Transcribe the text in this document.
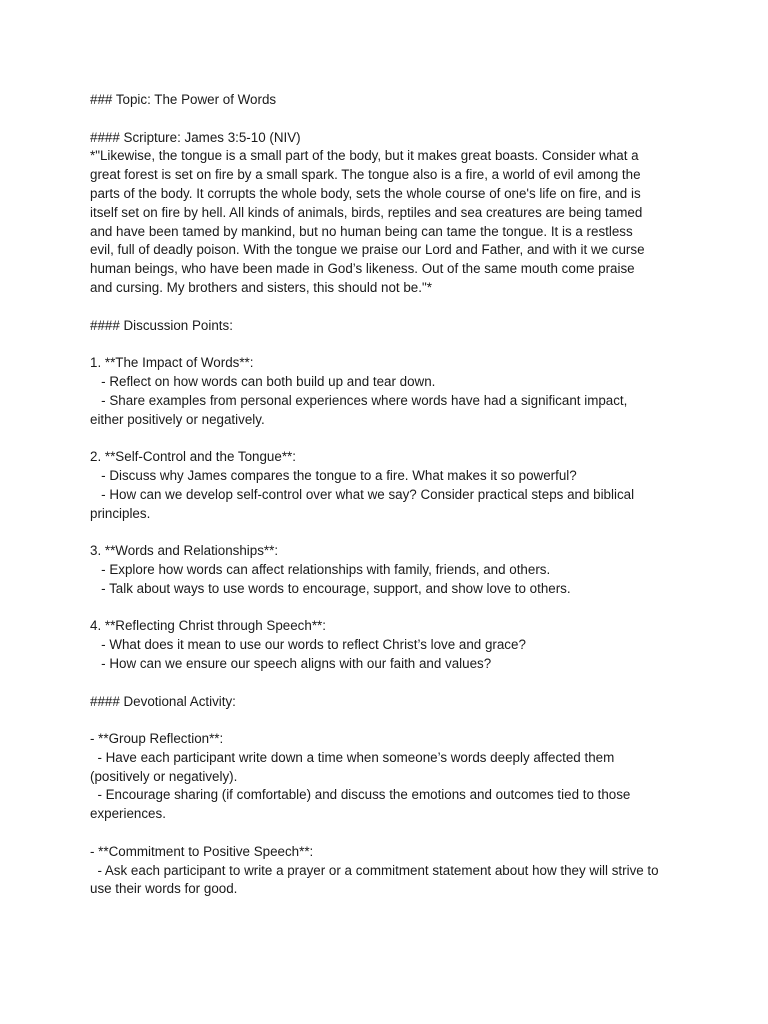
### Topic: The Power of Words
#### Scripture: James 3:5-10 (NIV)
*"Likewise, the tongue is a small part of the body, but it makes great boasts. Consider what a
great forest is set on fire by a small spark. The tongue also is a fire, a world of evil among the
parts of the body. It corrupts the whole body, sets the whole course of one's life on fire, and is
itself set on fire by hell. All kinds of animals, birds, reptiles and sea creatures are being tamed
and have been tamed by mankind, but no human being can tame the tongue. It is a restless
evil, full of deadly poison. With the tongue we praise our Lord and Father, and with it we curse
human beings, who have been made in God’s likeness. Out of the same mouth come praise
and cursing. My brothers and sisters, this should not be."*
#### Discussion Points:
1. **The Impact of Words**:
- Reflect on how words can both build up and tear down.
- Share examples from personal experiences where words have had a significant impact,
either positively or negatively.
2. **Self-Control and the Tongue**:
- Discuss why James compares the tongue to a fire. What makes it so powerful?
- How can we develop self-control over what we say? Consider practical steps and biblical
principles.
3. **Words and Relationships**:
- Explore how words can affect relationships with family, friends, and others.
- Talk about ways to use words to encourage, support, and show love to others.
4. **Reflecting Christ through Speech**:
- What does it mean to use our words to reflect Christ’s love and grace?
- How can we ensure our speech aligns with our faith and values?
#### Devotional Activity:
- **Group Reflection**:
- Have each participant write down a time when someone’s words deeply affected them
(positively or negatively).
- Encourage sharing (if comfortable) and discuss the emotions and outcomes tied to those
experiences.
- **Commitment to Positive Speech**:
- Ask each participant to write a prayer or a commitment statement about how they will strive to
use their words for good.
